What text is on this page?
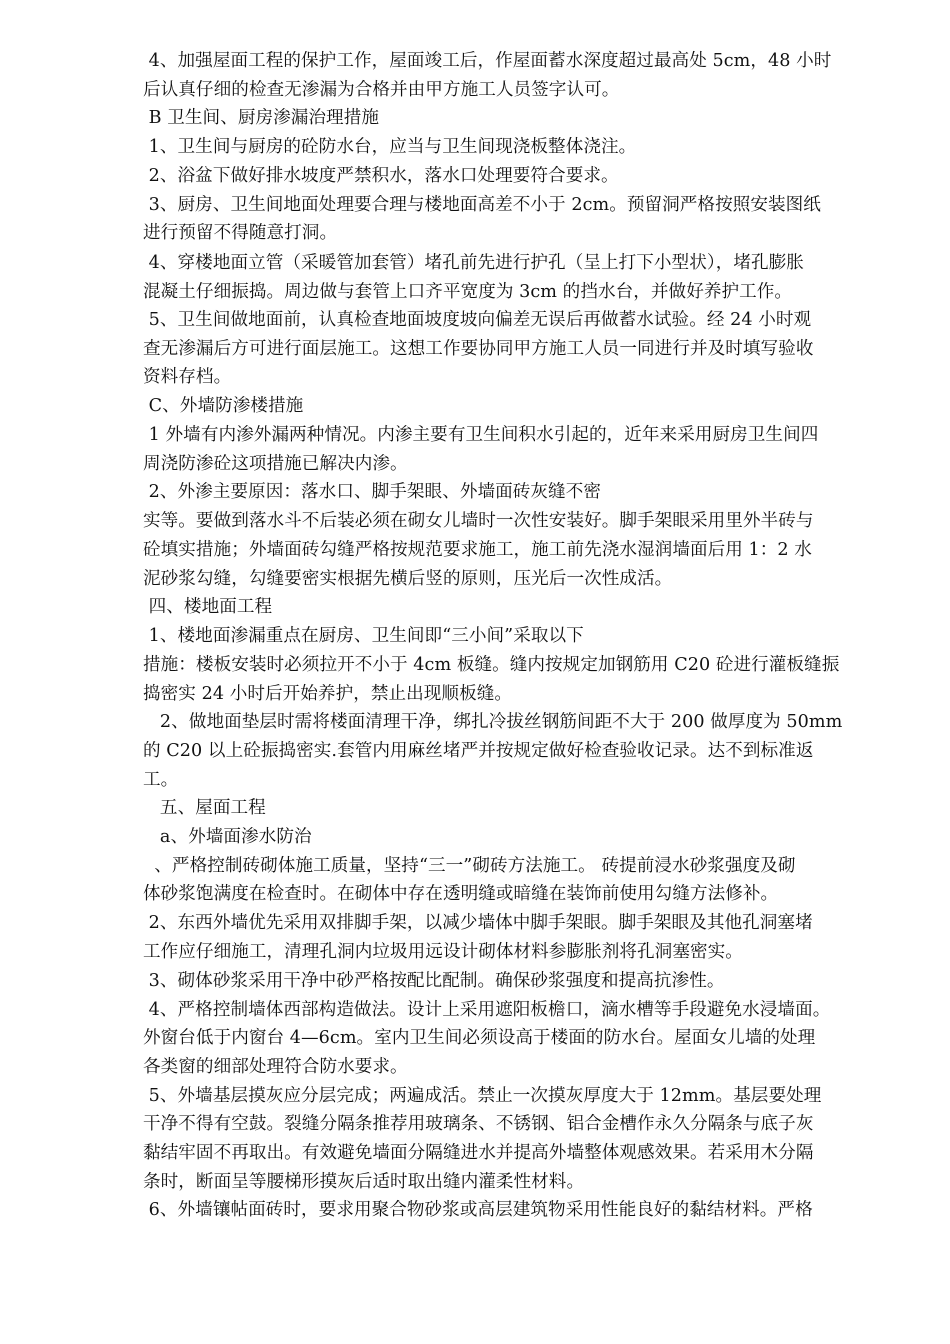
4、加强屋面工程的保护工作，屋面竣工后，作屋面蓄水深度超过最高处 5cm，48 小时
后认真仔细的检查无渗漏为合格并由甲方施工人员签字认可。
B 卫生间、厨房渗漏治理措施
1、卫生间与厨房的砼防水台，应当与卫生间现浇板整体浇注。
2、浴盆下做好排水坡度严禁积水，落水口处理要符合要求。
3、厨房、卫生间地面处理要合理与楼地面高差不小于 2cm。预留洞严格按照安装图纸
进行预留不得随意打洞。
4、穿楼地面立管（采暖管加套管）堵孔前先进行护孔（呈上打下小型状），堵孔膨胀
混凝土仔细振捣。周边做与套管上口齐平宽度为 3cm 的挡水台，并做好养护工作。
5、卫生间做地面前，认真检查地面坡度坡向偏差无误后再做蓄水试验。经 24 小时观
查无渗漏后方可进行面层施工。这想工作要协同甲方施工人员一同进行并及时填写验收
资料存档。
C、外墙防渗楼措施
1 外墙有内渗外漏两种情况。内渗主要有卫生间积水引起的，近年来采用厨房卫生间四
周浇防渗砼这项措施已解决内渗。
2、外渗主要原因：落水口、脚手架眼、外墙面砖灰缝不密
实等。要做到落水斗不后装必须在砌女儿墙时一次性安装好。脚手架眼采用里外半砖与
砼填实措施；外墙面砖勾缝严格按规范要求施工，施工前先浇水湿润墙面后用 1：2 水
泥砂浆勾缝，勾缝要密实根据先横后竖的原则，压光后一次性成活。
四、楼地面工程
1、楼地面渗漏重点在厨房、卫生间即“三小间”采取以下
措施：楼板安装时必须拉开不小于 4cm 板缝。缝内按规定加钢筋用 C20 砼进行灌板缝振
捣密实 24 小时后开始养护，禁止出现顺板缝。
2、做地面垫层时需将楼面清理干净，绑扎冷拔丝钢筋间距不大于 200 做厚度为 50mm
的 C20 以上砼振捣密实.套管内用麻丝堵严并按规定做好检查验收记录。达不到标准返
工。
五、屋面工程
a、外墙面渗水防治
、严格控制砖砌体施工质量，坚持“三一”砌砖方法施工。 砖提前浸水砂浆强度及砌
体砂浆饱满度在检查时。在砌体中存在透明缝或暗缝在装饰前使用勾缝方法修补。
2、东西外墙优先采用双排脚手架，以减少墙体中脚手架眼。脚手架眼及其他孔洞塞堵
工作应仔细施工，清理孔洞内垃圾用远设计砌体材料参膨胀剂将孔洞塞密实。
3、砌体砂浆采用干净中砂严格按配比配制。确保砂浆强度和提高抗渗性。
4、严格控制墙体西部构造做法。设计上采用遮阳板檐口，滴水槽等手段避免水浸墙面。
外窗台低于内窗台 4—6cm。室内卫生间必须设高于楼面的防水台。屋面女儿墙的处理
各类窗的细部处理符合防水要求。
5、外墙基层摸灰应分层完成；两遍成活。禁止一次摸灰厚度大于 12mm。基层要处理
干净不得有空鼓。裂缝分隔条推荐用玻璃条、不锈钢、铝合金槽作永久分隔条与底子灰
黏结牢固不再取出。有效避免墙面分隔缝进水并提高外墙整体观感效果。若采用木分隔
条时，断面呈等腰梯形摸灰后适时取出缝内灌柔性材料。
6、外墙镶帖面砖时，要求用聚合物砂浆或高层建筑物采用性能良好的黏结材料。严格
